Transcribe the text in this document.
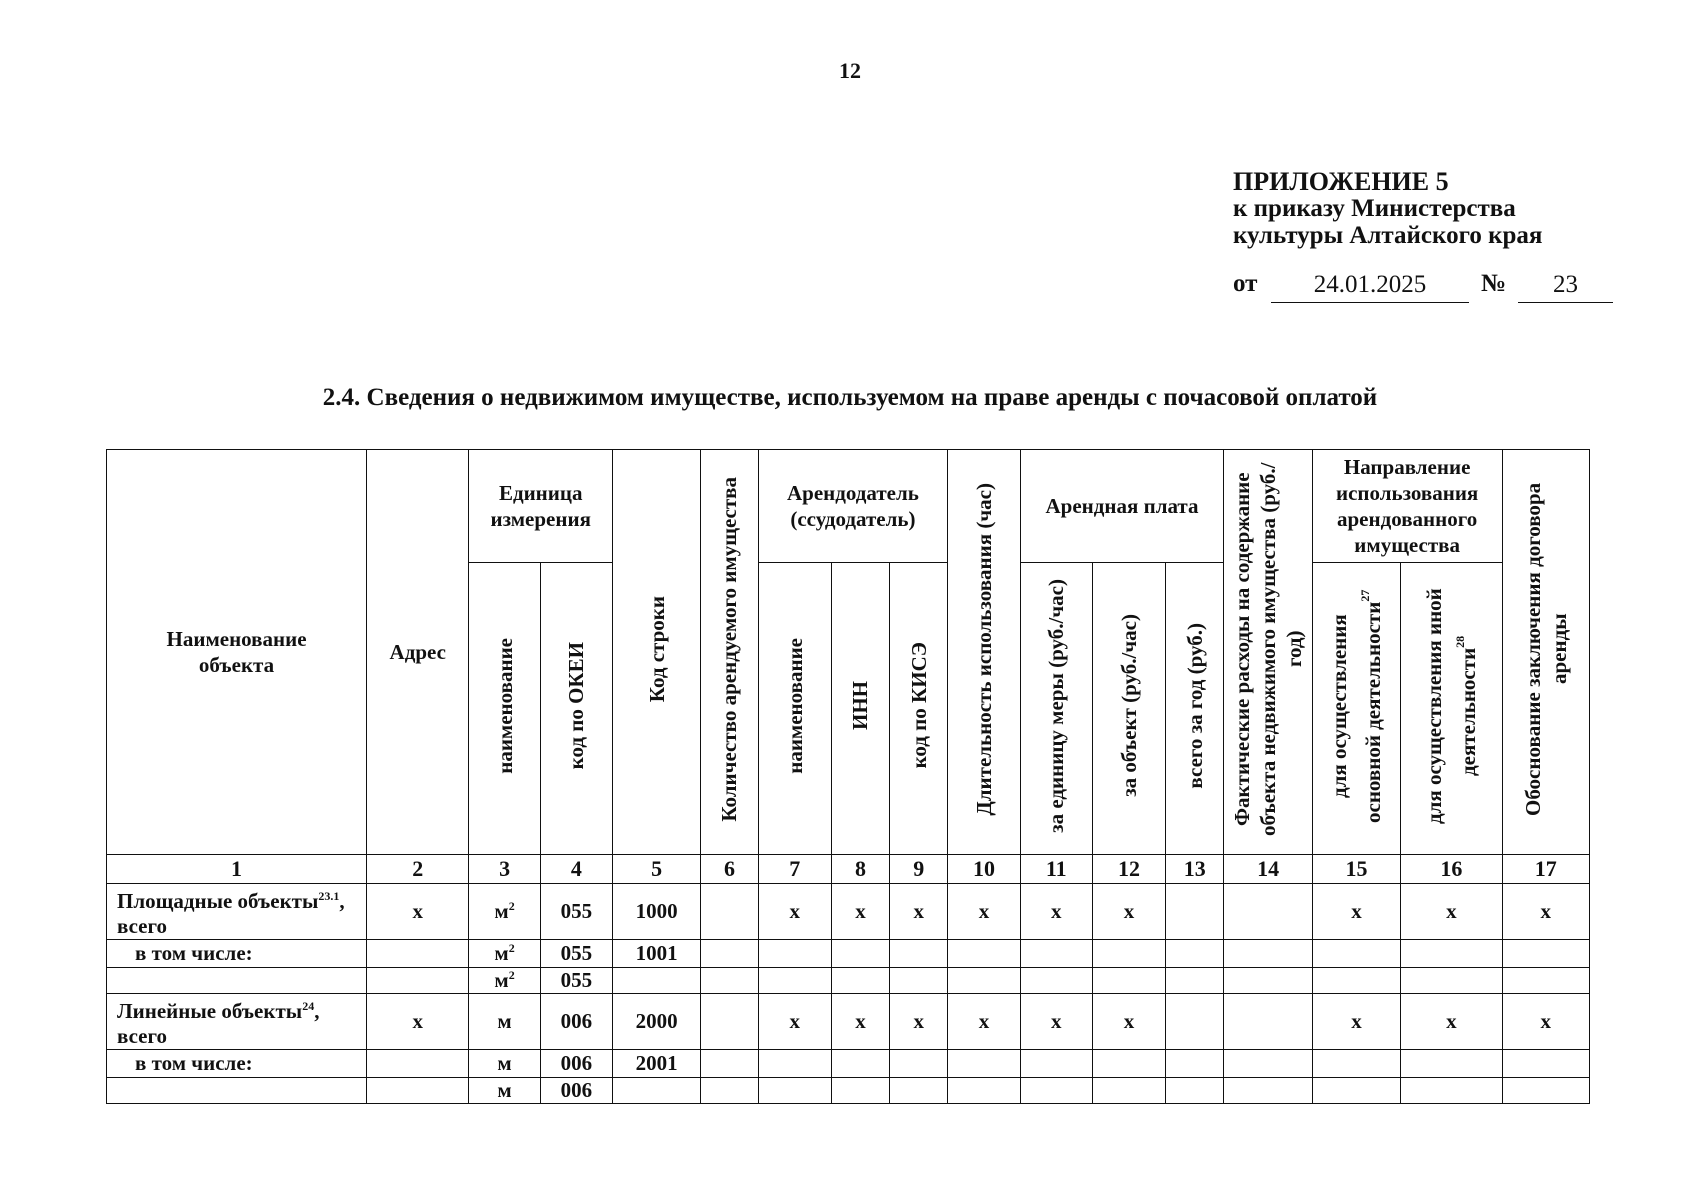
12
ПРИЛОЖЕНИЕ 5
к приказу Министерства
культуры Алтайского края
от	24.01.2025	№	23
2.4. Сведения о недвижимом имуществе, используемом на праве аренды с почасовой оплатой
Наименование объекта	Адрес	Единица измерения		Код строки	Количество арендуемого имущества	Арендодатель (ссудодатель)			Длительность использования (час)	Арендная плата			Фактические расходы на содержание объекта недвижимого имущества (руб./год)	Направление использования арендованного имущества		Обоснование заключения договора аренды
		наименование	код по ОКЕИ			наименование	ИНН	код по КИСЭ		за единицу меры (руб./час)	за объект (руб./час)	всего за год (руб.)		для осуществления основной деятельности$^{27}$	для осуществления иной деятельности$^{28}$
1	2	3	4	5	6	7	8	9	10	11	12	13	14	15	16	17
Площадные объекты$^{23.1}$, всего	x	$м^2$	055	1000		x	x	x	x	x	x			x	x	x
в том числе:		$м^2$	055	1001												
		$м^2$	055													
Линейные объекты$^{24}$, всего	x	м	006	2000		x	x	x	x	x	x			x	x	x
в том числе:		м	006	2001												
		м	006													
